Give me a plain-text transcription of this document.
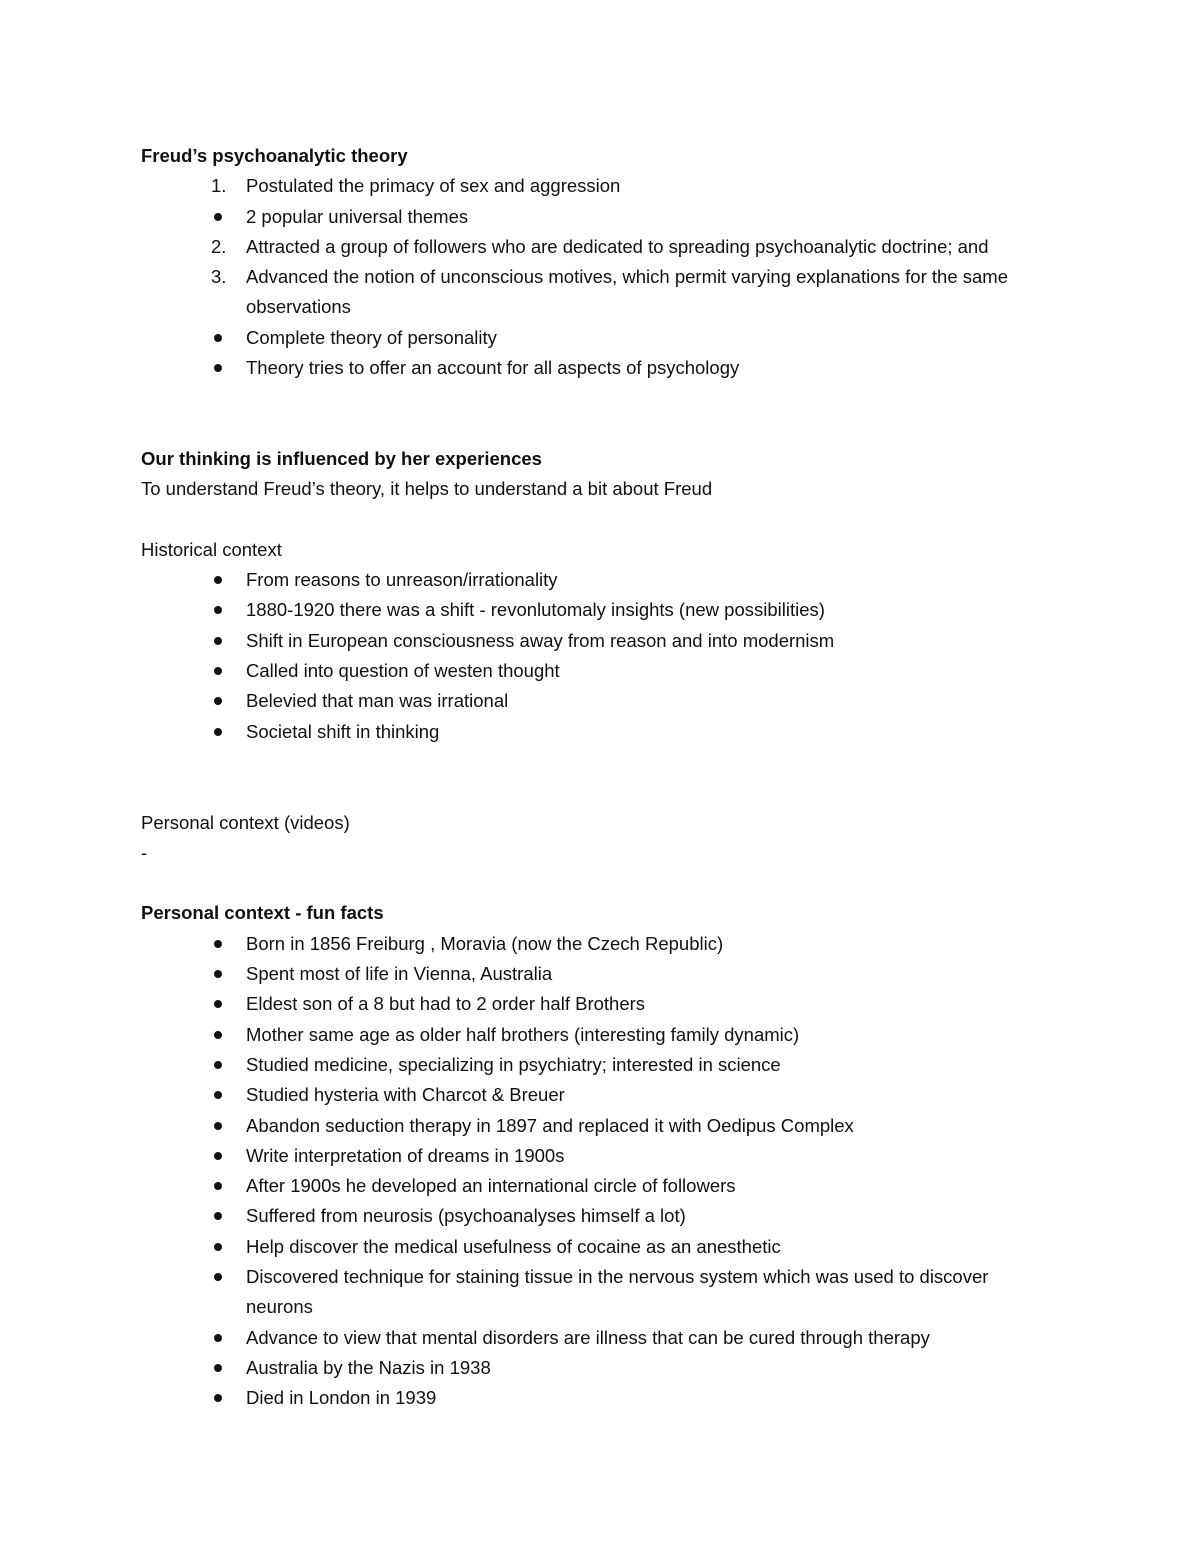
Freud’s psychoanalytic theory
1.	Postulated the primacy of sex and aggression
2 popular universal themes
2.	Attracted a group of followers who are dedicated to spreading psychoanalytic doctrine; and
3.	Advanced the notion of unconscious motives, which permit varying explanations for the same observations
Complete theory of personality
Theory tries to offer an account for all aspects of psychology
Our thinking is influenced by her experiences
To understand Freud’s theory, it helps to understand a bit about Freud
Historical context
From reasons to unreason/irrationality
1880-1920 there was a shift - revonlutomaly insights (new possibilities)
Shift in European consciousness away from reason and into modernism
Called into question of westen thought
Belevied that man was irrational
Societal shift in thinking
Personal context (videos)
-
Personal context - fun facts
Born in 1856 Freiburg , Moravia (now the Czech Republic)
Spent most of life in Vienna, Australia
Eldest son of a 8 but had to 2 order half Brothers
Mother same age as older half brothers (interesting family dynamic)
Studied medicine, specializing in psychiatry; interested in science
Studied hysteria with Charcot & Breuer
Abandon seduction therapy in 1897 and replaced it with Oedipus Complex
Write interpretation of dreams in 1900s
After 1900s he developed an international circle of followers
Suffered from neurosis (psychoanalyses himself a lot)
Help discover the medical usefulness of cocaine as an anesthetic
Discovered technique for staining tissue in the nervous system which was used to discover neurons
Advance to view that mental disorders are illness that can be cured through therapy
Australia by the Nazis in 1938
Died in London in 1939
